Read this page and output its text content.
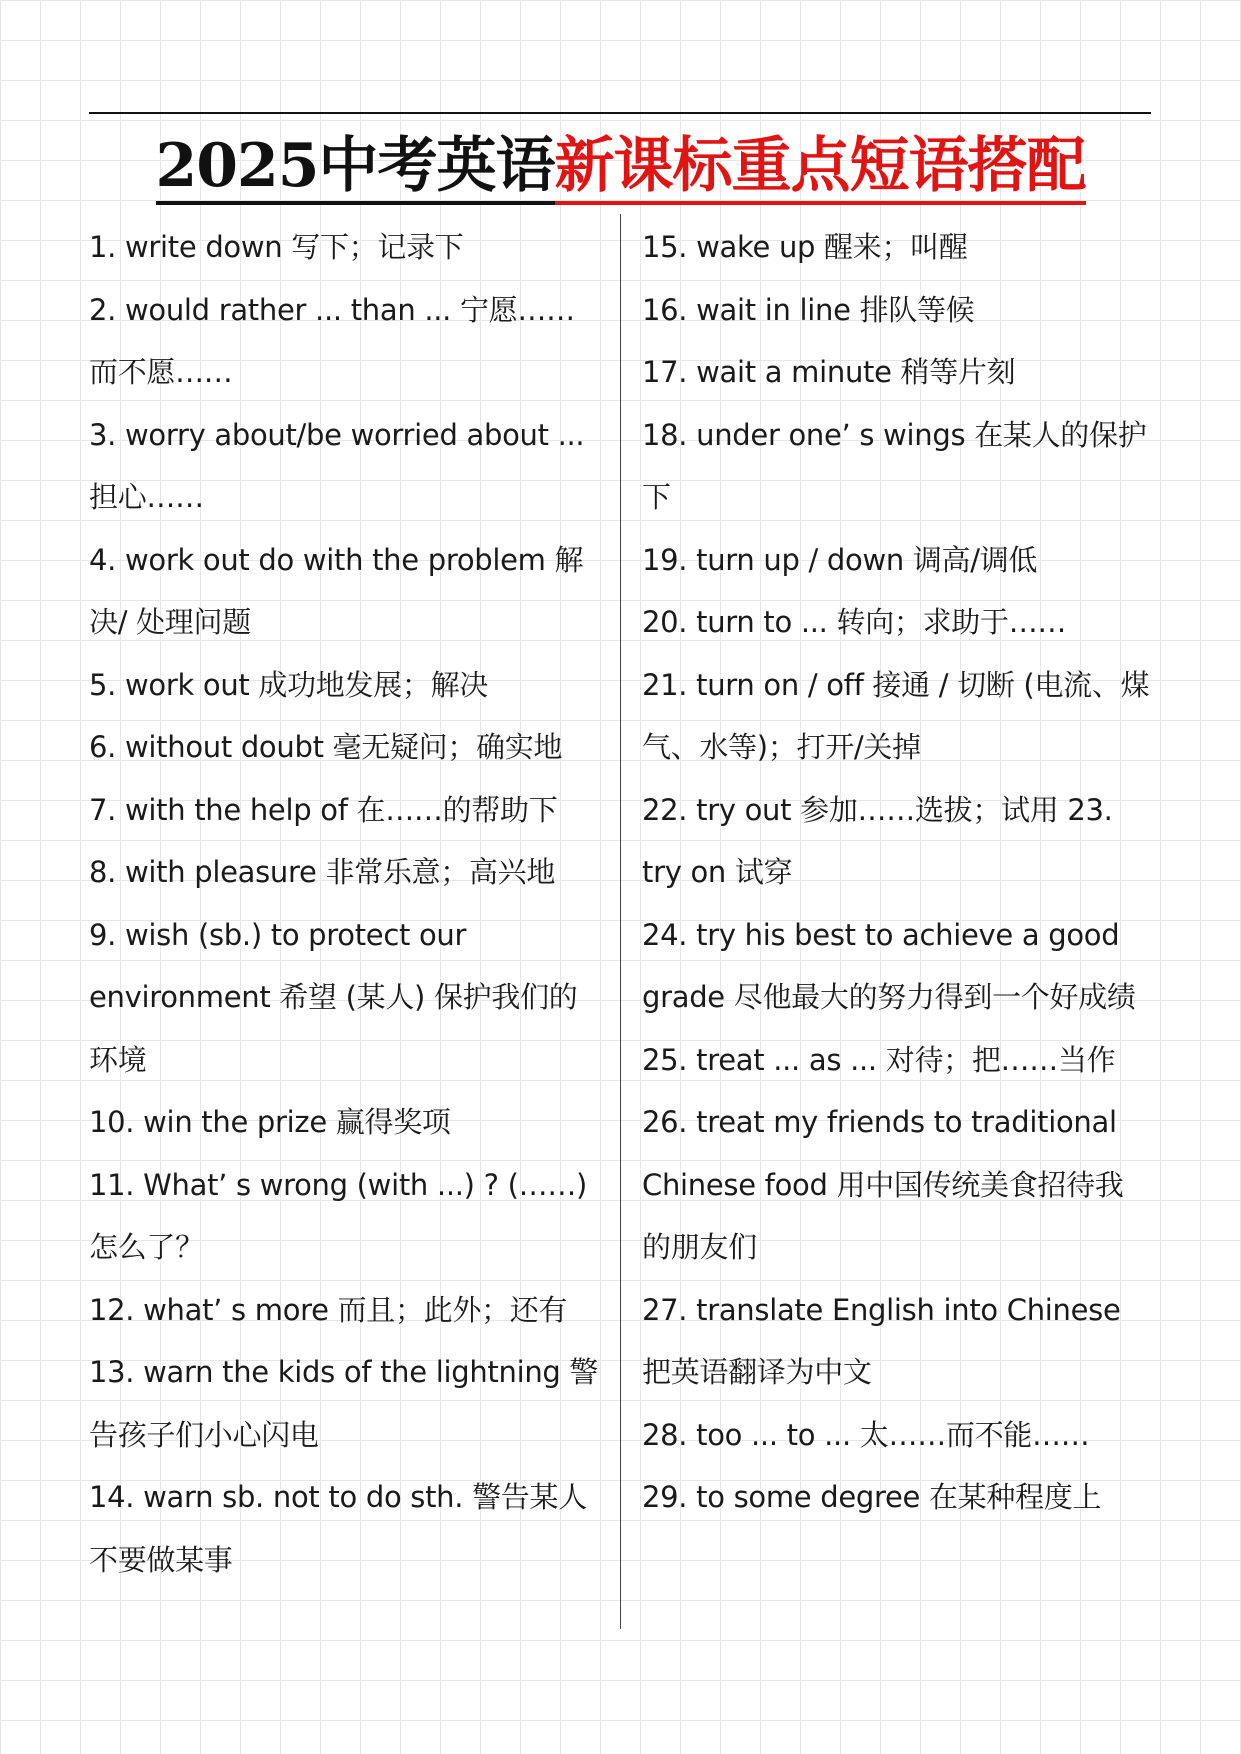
2025中考英语新课标重点短语搭配
1. write down 写下；记录下
2. would rather ... than ... 宁愿……而不愿……
3. worry about/be worried about ... 担心……
4. work out do with the problem 解决/ 处理问题
5. work out 成功地发展；解决
6. without doubt 毫无疑问；确实地
7. with the help of 在……的帮助下
8. with pleasure 非常乐意；高兴地
9. wish (sb.) to protect our environment 希望 (某人) 保护我们的环境
10. win the prize 赢得奖项
11. What’ s wrong (with ...) ? (……) 怎么了？
12. what’ s more 而且；此外；还有
13. warn the kids of the lightning 警告孩子们小心闪电
14. warn sb. not to do sth. 警告某人不要做某事
15. wake up 醒来；叫醒
16. wait in line 排队等候
17. wait a minute 稍等片刻
18. under one’ s wings 在某人的保护下
19. turn up / down 调高/调低
20. turn to ... 转向；求助于……
21. turn on / off 接通 / 切断 (电流、煤气、水等)；打开/关掉
22. try out 参加……选拔；试用 23. try on 试穿
24. try his best to achieve a good grade 尽他最大的努力得到一个好成绩
25. treat ... as ... 对待；把……当作
26. treat my friends to traditional Chinese food 用中国传统美食招待我的朋友们
27. translate English into Chinese 把英语翻译为中文
28. too ... to ... 太……而不能……
29. to some degree 在某种程度上
